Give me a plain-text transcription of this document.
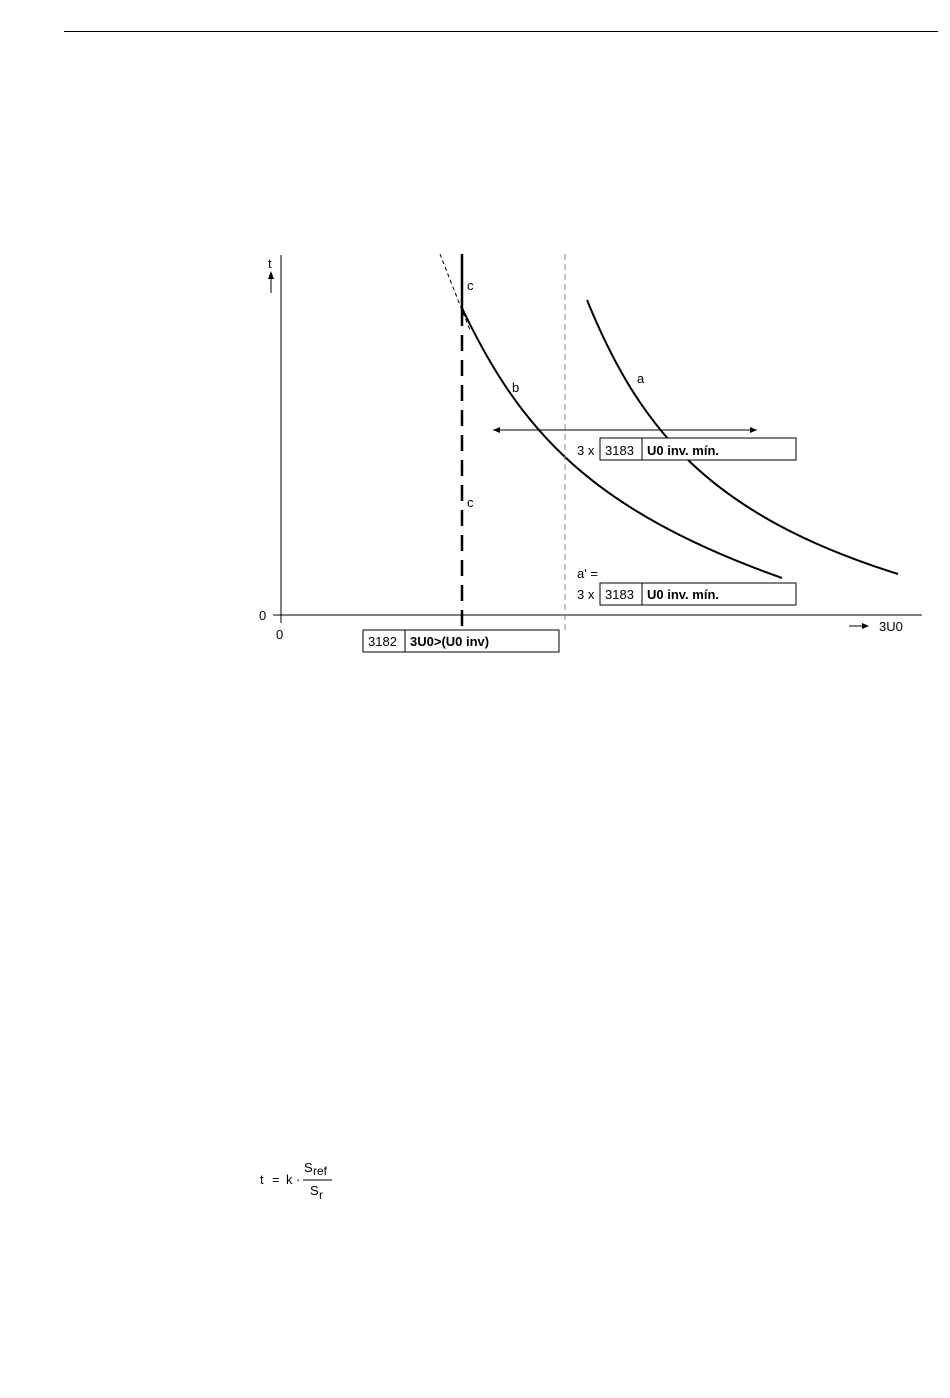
t
3U0
0
0
c
c
b
a
3 x 3183 U0 inv. mín.
a' =
3 x 3183 U0 inv. mín.
3182 3U0>(U0 inv)
t = k ·
S ref
S r
